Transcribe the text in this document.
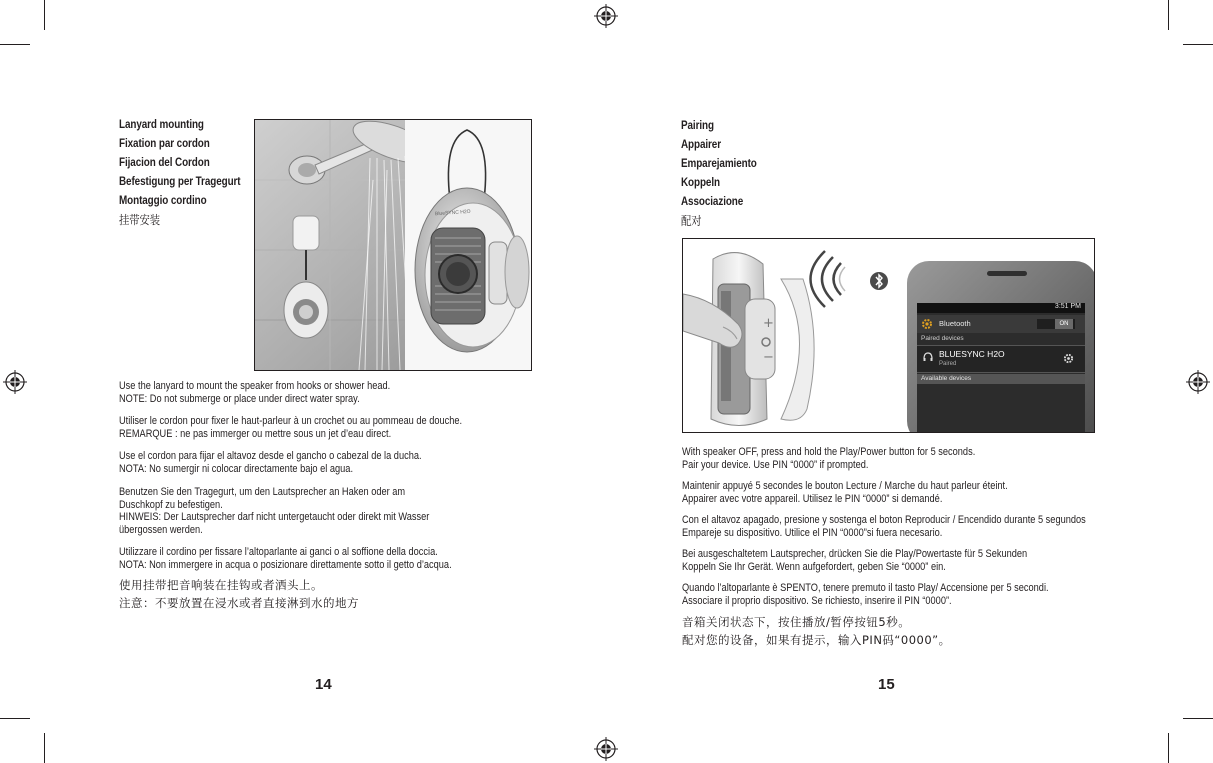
Lanyard mounting
Fixation par cordon
Fijacion del Cordon
Befestigung per Tragegurt
Montaggio cordino
挂带安装	BlueSYNC H2O
Use the lanyard to mount the speaker from hooks or shower head.
NOTE: Do not submerge or place under direct water spray.
Utiliser le cordon pour fixer le haut-parleur à un crochet ou au pommeau de douche.
REMARQUE : ne pas immerger ou mettre sous un jet d’eau direct.
Use el cordon para fijar el altavoz desde el gancho o cabezal de la ducha.
NOTA: No sumergir ni colocar directamente bajo el agua.
Benutzen Sie den Tragegurt, um den Lautsprecher an Haken oder am
Duschkopf zu befestigen.
HINWEIS: Der Lautsprecher darf nicht untergetaucht oder direkt mit Wasser
übergossen werden.
Utilizzare il cordino per fissare l’altoparlante ai ganci o al soffione della doccia.
NOTA: Non immergere in acqua o posizionare direttamente sotto il getto d’acqua.
使用挂带把音响装在挂钩或者洒头上。
注意：不要放置在浸水或者直接淋到水的地方
14
Pairing
Appairer
Emparejamiento
Koppeln
Associazione
配对
+
−
3:51 PM
Bluetooth	ON
Paired devices
BLUESYNC H2O
Paired
Available devices
With speaker OFF, press and hold the Play/Power button for 5 seconds.
Pair your device. Use PIN “0000” if prompted.
Maintenir appuyé 5 secondes le bouton Lecture / Marche du haut parleur éteint.
Appairer avec votre appareil. Utilisez le PIN “0000” si demandé.
Con el altavoz apagado, presione y sostenga el boton Reproducir / Encendido durante 5 segundos
Empareje su dispositivo. Utilice el PIN “0000”si fuera necesario.
Bei ausgeschaltetem Lautsprecher, drücken Sie die Play/Powertaste für 5 Sekunden
Koppeln Sie Ihr Gerät. Wenn aufgefordert, geben Sie “0000” ein.
Quando l’altoparlante è SPENTO, tenere premuto il tasto Play/ Accensione per 5 secondi.
Associare il proprio dispositivo. Se richiesto, inserire il PIN “0000”.
音箱关闭状态下，按住播放/暂停按钮5秒。
配对您的设备，如果有提示，输入PIN码“0000”。
15
